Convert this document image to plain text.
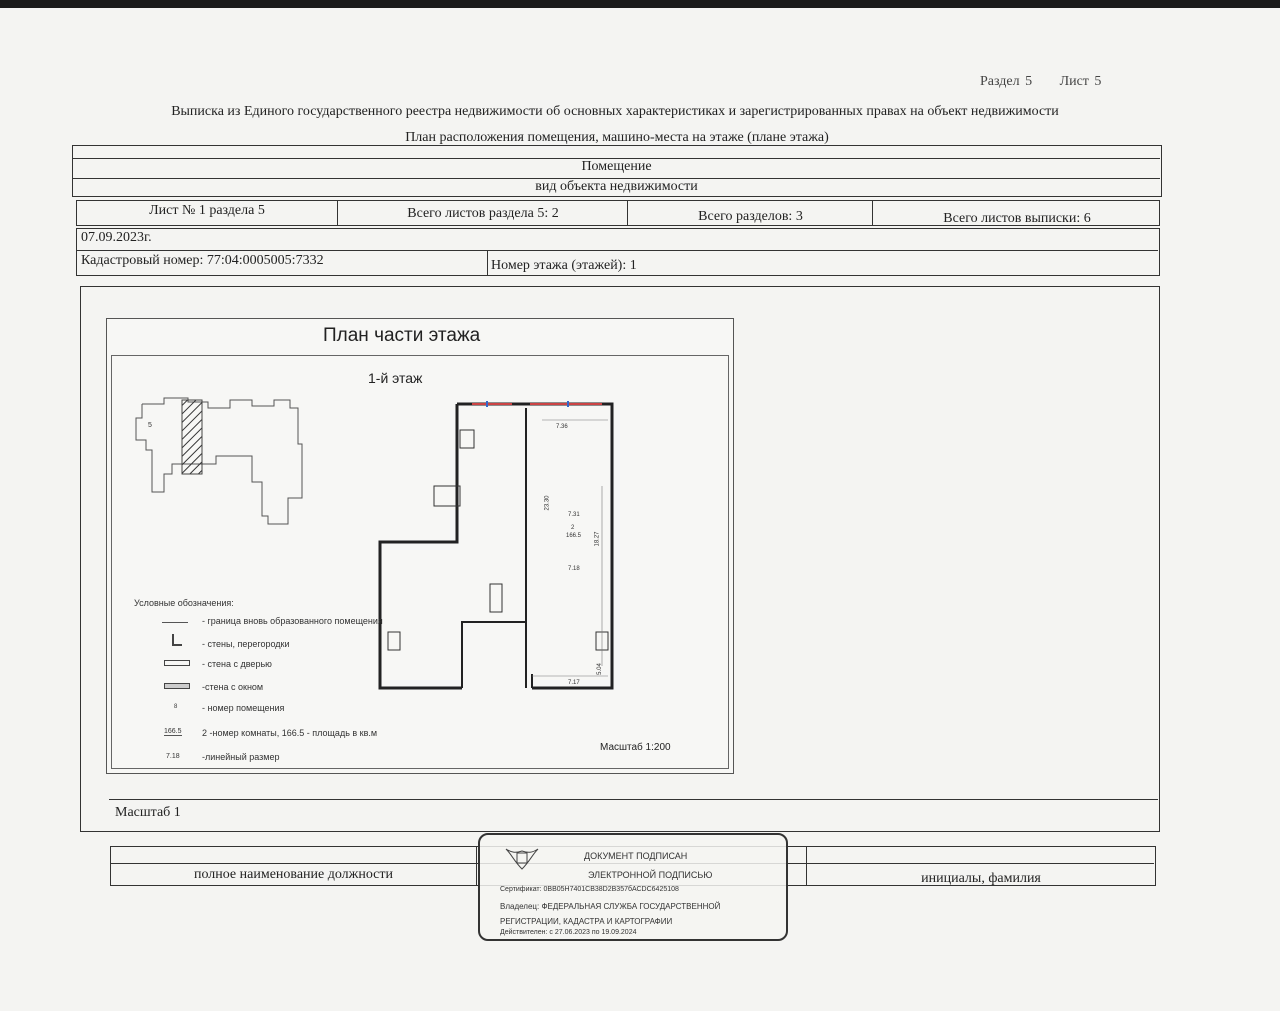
Раздел 5 Лист 5
Выписка из Единого государственного реестра недвижимости об основных характеристиках и зарегистрированных правах на объект недвижимости
План расположения помещения, машино-места на этаже (плане этажа)
Помещение
вид объекта недвижимости
Лист № 1 раздела 5	Всего листов раздела 5: 2	Всего разделов: 3	Всего листов выписки: 6
07.09.2023г.
Кадастровый номер: 77:04:0005005:7332	Номер этажа (этажей): 1
Масштаб 1
План части этажа
1-й этаж
7.36
23.30
7.31
2
166.5 18.27
7.18
5.04
7.17
5
Условные обозначения:
- граница вновь образованного помещения
- стены, перегородки
- стена с дверью
-стена с окном
8	- номер помещения
166.5 2 -номер комнаты, 166.5 - площадь в кв.м
7.18 -линейный размер
Масштаб 1:200
полное наименование должности	инициалы, фамилия
ДОКУМЕНТ ПОДПИСАН
ЭЛЕКТРОННОЙ ПОДПИСЬЮ
Сертификат: 0ВВ05Н7401СВ38D2B357бАСDC6425108
Владелец: ФЕДЕРАЛЬНАЯ СЛУЖБА ГОСУДАРСТВЕННОЙ
РЕГИСТРАЦИИ, КАДАСТРА И КАРТОГРАФИИ
Действителен: с 27.06.2023 по 19.09.2024
